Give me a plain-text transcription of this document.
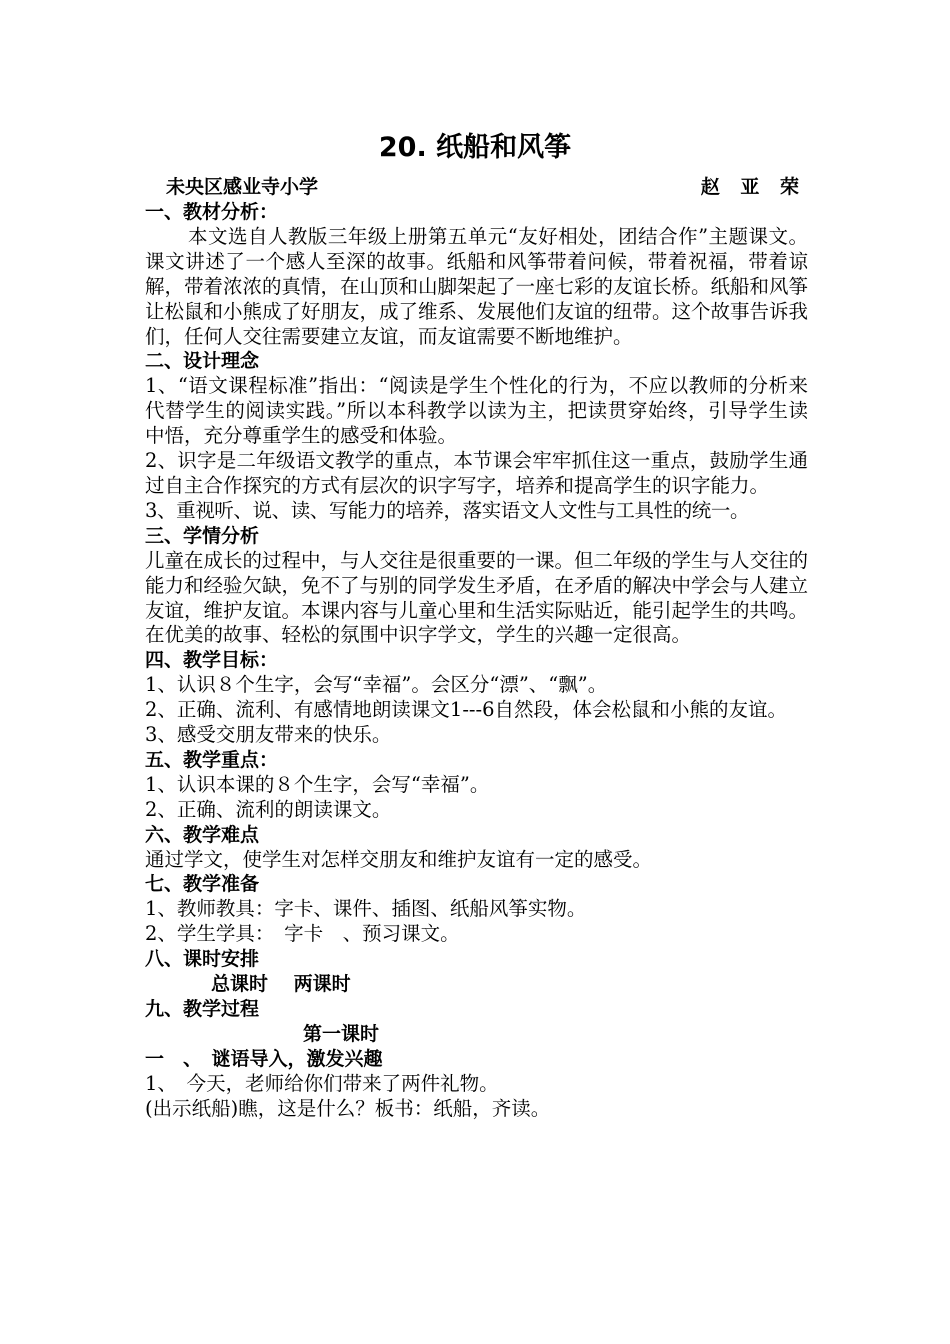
20. 纸船和风筝
未央区感业寺小学	赵 亚 荣

一、教材分析：

本文选自人教版三年级上册第五单元“友好相处，团结合作”主题课文。课文讲述了一个感人至深的故事。纸船和风筝带着问候，带着祝福，带着谅解，带着浓浓的真情，在山顶和山脚架起了一座七彩的友谊长桥。纸船和风筝让松鼠和小熊成了好朋友，成了维系、发展他们友谊的纽带。这个故事告诉我们，任何人交往需要建立友谊，而友谊需要不断地维护。

二、设计理念

1、“语文课程标准”指出：“阅读是学生个性化的行为，不应以教师的分析来代替学生的阅读实践。”所以本科教学以读为主，把读贯穿始终，引导学生读中悟，充分尊重学生的感受和体验。

2、识字是二年级语文教学的重点，本节课会牢牢抓住这一重点，鼓励学生通过自主合作探究的方式有层次的识字写字，培养和提高学生的识字能力。

3、重视听、说、读、写能力的培养，落实语文人文性与工具性的统一。

三、学情分析

儿童在成长的过程中，与人交往是很重要的一课。但二年级的学生与人交往的能力和经验欠缺，免不了与别的同学发生矛盾，在矛盾的解决中学会与人建立友谊，维护友谊。本课内容与儿童心里和生活实际贴近，能引起学生的共鸣。在优美的故事、轻松的氛围中识字学文，学生的兴趣一定很高。

四、教学目标：

1、认识８个生字，会写“幸福”。会区分“漂”、“飘”。

2、正确、流利、有感情地朗读课文1---6自然段，体会松鼠和小熊的友谊。

3、感受交朋友带来的快乐。

五、教学重点：

1、认识本课的８个生字，会写“幸福”。

2、正确、流利的朗读课文。

六、教学难点

通过学文，使学生对怎样交朋友和维护友谊有一定的感受。

七、教学准备

1、教师教具：字卡、课件、插图、纸船风筝实物。

2、学生学具：　字卡　、预习课文。

八、课时安排

总课时　 两课时

九、教学过程

第一课时

一　、　谜语导入，激发兴趣

1、　今天，老师给你们带来了两件礼物。

(出示纸船)瞧，这是什么？板书：纸船，齐读。
